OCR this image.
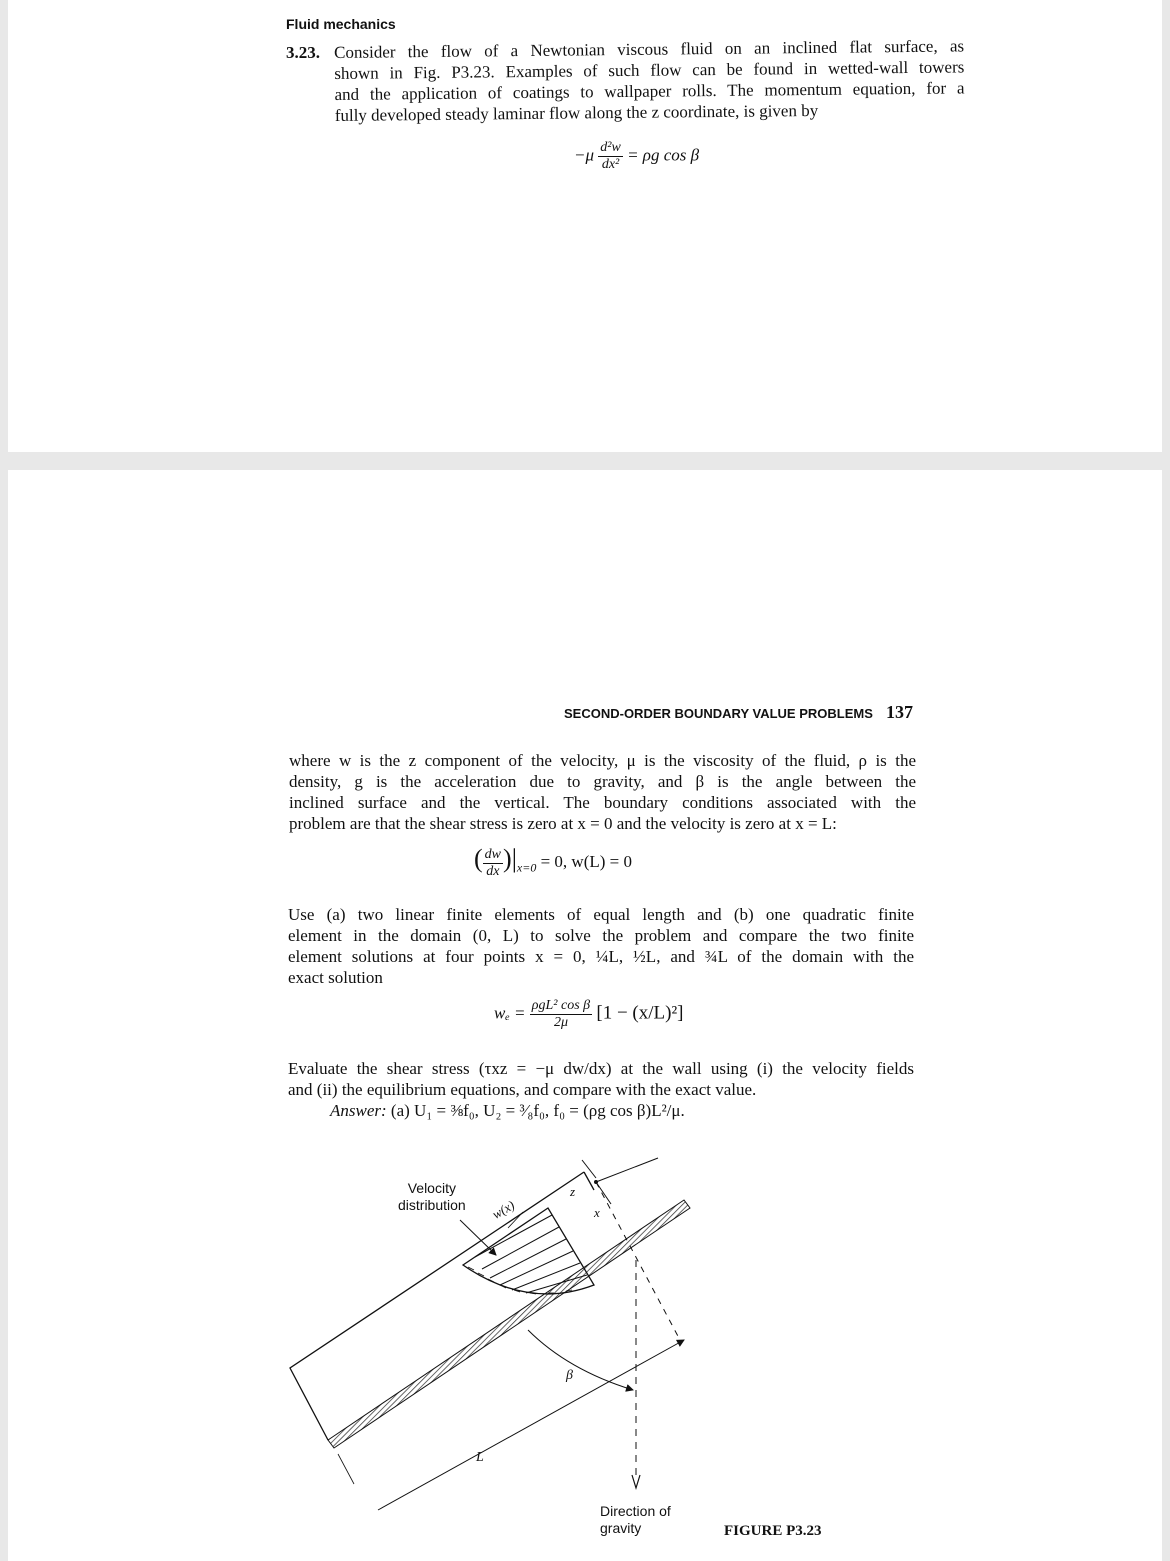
Fluid mechanics
3.23. Consider the flow of a Newtonian viscous fluid on an inclined flat surface, as
shown in Fig. P3.23. Examples of such flow can be found in wetted-wall towers
and the application of coatings to wallpaper rolls. The momentum equation, for a
fully developed steady laminar flow along the z coordinate, is given by
$-\mu \frac{\text{d²w}}{\text{dx²}} = \rho g$ cos β
SECOND-ORDER BOUNDARY VALUE PROBLEMS 137
where w is the z component of the velocity, μ is the viscosity of the fluid, ρ is the
density, g is the acceleration due to gravity, and β is the angle between the
inclined surface and the vertical. The boundary conditions associated with the
problem are that the shear stress is zero at x = 0 and the velocity is zero at x = L:
( $\frac{dw}{dx} )|_{x=0} = 0$, w(L) = 0
Use (a) two linear finite elements of equal length and (b) one quadratic finite
element in the domain (0, L) to solve the problem and compare the two finite
element solutions at four points x = 0, ¼L, ½L, and ¾L of the domain with the
exact solution
$w_e = \frac{\text{ρgL² cos β}}{2\mu} [1 - (x/L)^2]$
Evaluate the shear stress (τxz = −μ dw/dx) at the wall using (i) the velocity fields
and (ii) the equilibrium equations, and compare with the exact value.
Answer: (a) U₁ = ⅜f₀, U₂ = ³⁄₈f₀, f₀ = (ρg cos β)L²/μ.
Velocity
distribution w(x)
z
x
β
L
Direction of
gravity	FIGURE P3.23
